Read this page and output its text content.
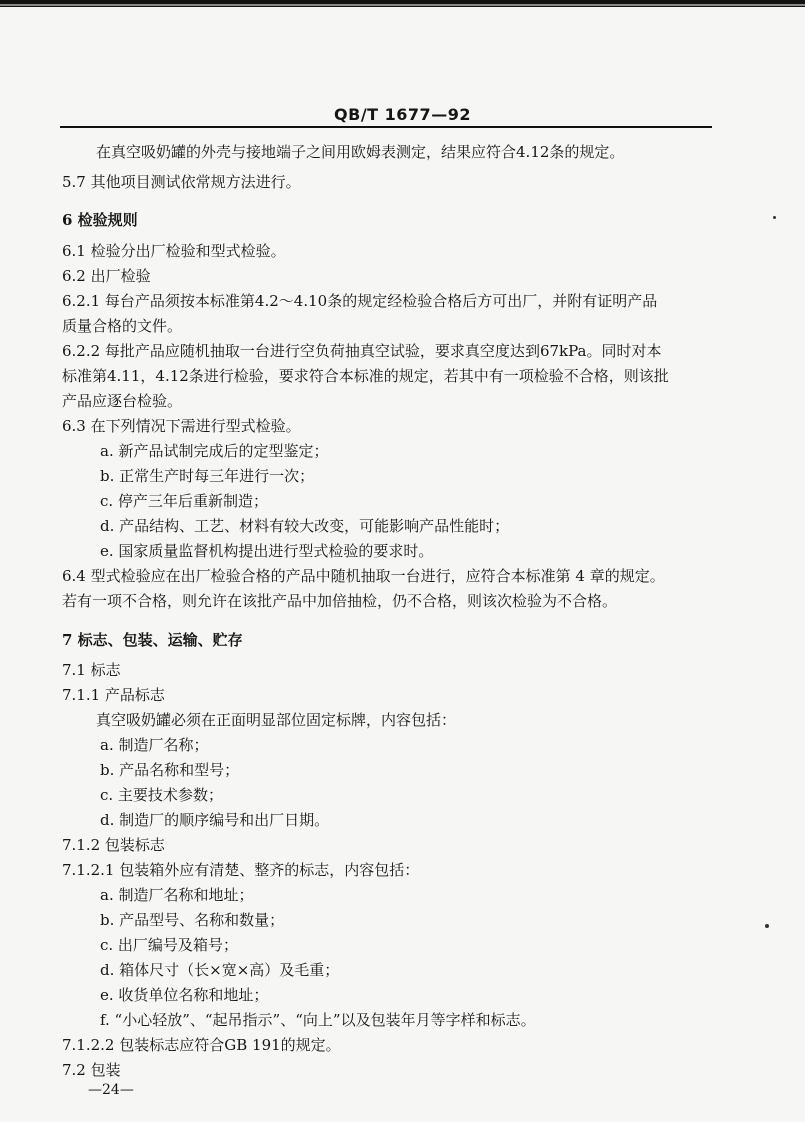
QB/T 1677—92
在真空吸奶罐的外壳与接地端子之间用欧姆表测定，结果应符合4.12条的规定。
5.7 其他项目测试依常规方法进行。
6 检验规则
6.1 检验分出厂检验和型式检验。
6.2 出厂检验
6.2.1 每台产品须按本标准第4.2～4.10条的规定经检验合格后方可出厂，并附有证明产品
质量合格的文件。
6.2.2 每批产品应随机抽取一台进行空负荷抽真空试验，要求真空度达到67kPa。同时对本
标准第4.11，4.12条进行检验，要求符合本标准的规定，若其中有一项检验不合格，则该批
产品应逐台检验。
6.3 在下列情况下需进行型式检验。
a. 新产品试制完成后的定型鉴定；
b. 正常生产时每三年进行一次；
c. 停产三年后重新制造；
d. 产品结构、工艺、材料有较大改变，可能影响产品性能时；
e. 国家质量监督机构提出进行型式检验的要求时。
6.4 型式检验应在出厂检验合格的产品中随机抽取一台进行，应符合本标准第 4 章的规定。
若有一项不合格，则允许在该批产品中加倍抽检，仍不合格，则该次检验为不合格。
7 标志、包装、运输、贮存
7.1 标志
7.1.1 产品标志
真空吸奶罐必须在正面明显部位固定标牌，内容包括：
a. 制造厂名称；
b. 产品名称和型号；
c. 主要技术参数；
d. 制造厂的顺序编号和出厂日期。
7.1.2 包装标志
7.1.2.1 包装箱外应有清楚、整齐的标志，内容包括：
a. 制造厂名称和地址；
b. 产品型号、名称和数量；
c. 出厂编号及箱号；
d. 箱体尺寸（长×宽×高）及毛重；
e. 收货单位名称和地址；
f. “小心轻放”、“起吊指示”、“向上”以及包装年月等字样和标志。
7.1.2.2 包装标志应符合GB 191的规定。
7.2 包装
—24—
